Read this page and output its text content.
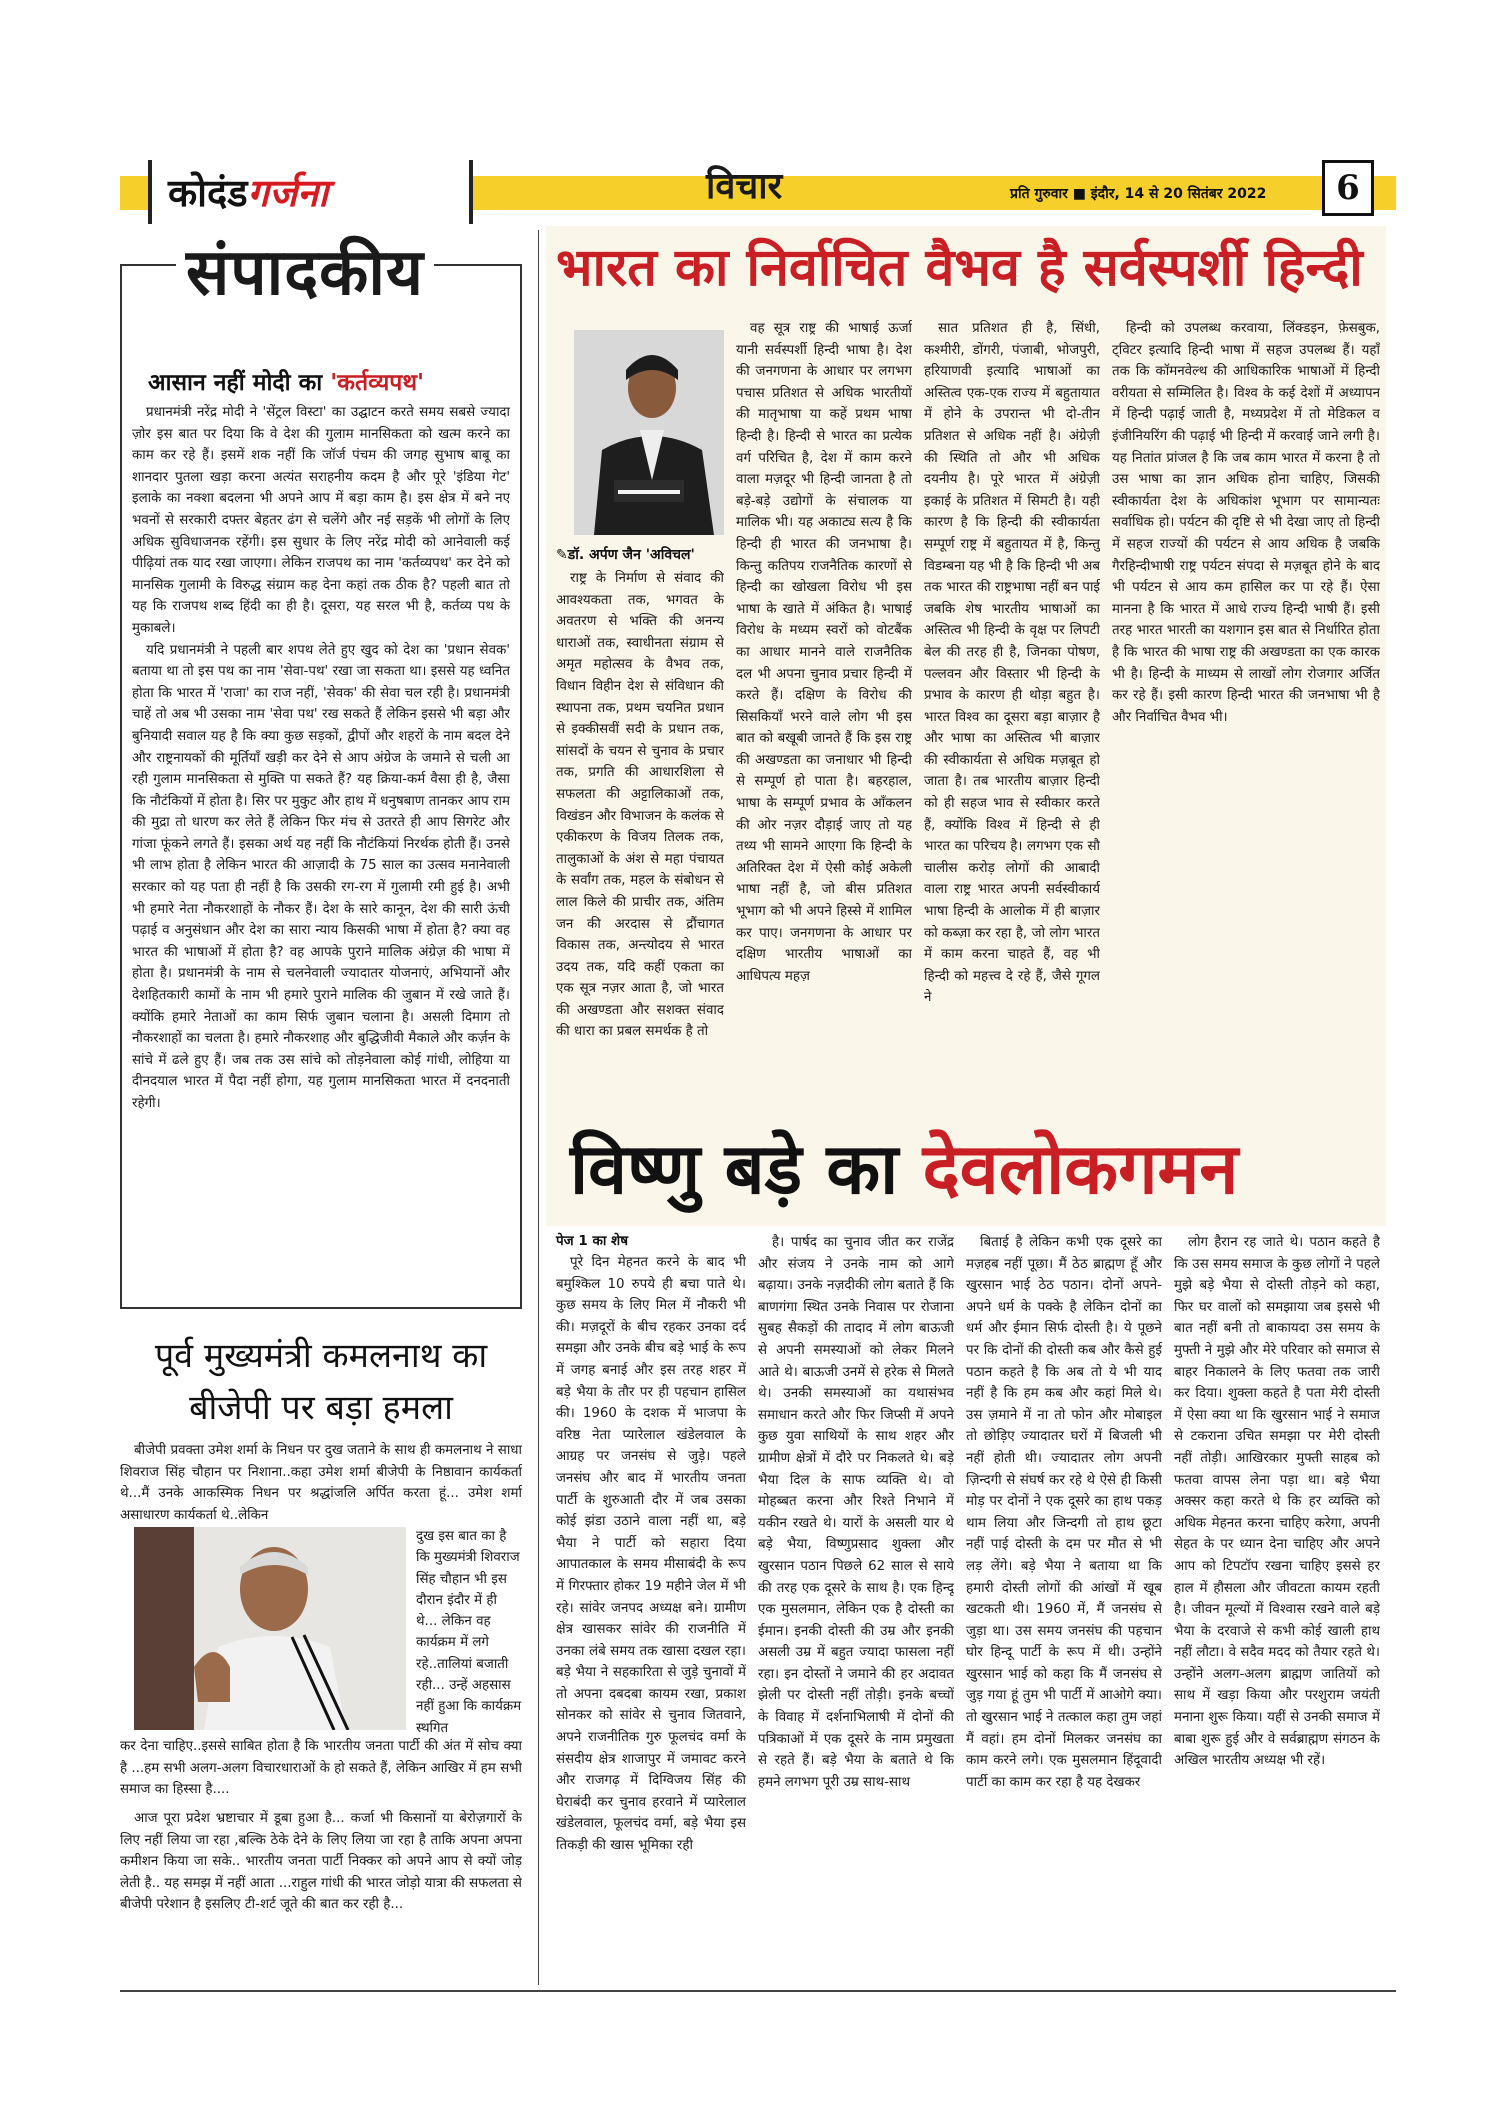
कोदंड गर्जना	विचार	प्रति गुरुवार ■ इंदौर, 14 से 20 सितंबर 2022	6
संपादकीय
आसान नहीं मोदी का 'कर्तव्यपथ'

प्रधानमंत्री नरेंद्र मोदी ने 'सेंट्रल विस्टा' का उद्घाटन करते समय सबसे ज्यादा ज़ोर इस बात पर दिया कि वे देश की गुलाम मानसिकता को खत्म करने का काम कर रहे हैं। इसमें शक नहीं कि जॉर्ज पंचम की जगह सुभाष बाबू का शानदार पुतला खड़ा करना अत्यंत सराहनीय कदम है और पूरे 'इंडिया गेट' इलाके का नक्शा बदलना भी अपने आप में बड़ा काम है। इस क्षेत्र में बने नए भवनों से सरकारी दफ्तर बेहतर ढंग से चलेंगे और नई सड़कें भी लोगों के लिए अधिक सुविधाजनक रहेंगी। इस सुधार के लिए नरेंद्र मोदी को आनेवाली कई पीढ़ियां तक याद रखा जाएगा। लेकिन राजपथ का नाम 'कर्तव्यपथ' कर देने को मानसिक गुलामी के विरुद्ध संग्राम कह देना कहां तक ठीक है? पहली बात तो यह कि राजपथ शब्द हिंदी का ही है। दूसरा, यह सरल भी है, कर्तव्य पथ के मुकाबले।

यदि प्रधानमंत्री ने पहली बार शपथ लेते हुए खुद को देश का 'प्रधान सेवक' बताया था तो इस पथ का नाम 'सेवा-पथ' रखा जा सकता था। इससे यह ध्वनित होता कि भारत में 'राजा' का राज नहीं, 'सेवक' की सेवा चल रही है। प्रधानमंत्री चाहें तो अब भी उसका नाम 'सेवा पथ' रख सकते हैं लेकिन इससे भी बड़ा और बुनियादी सवाल यह है कि क्या कुछ सड़कों, द्वीपों और शहरों के नाम बदल देने और राष्ट्रनायकों की मूर्तियाँ खड़ी कर देने से आप अंग्रेज के जमाने से चली आ रही गुलाम मानसिकता से मुक्ति पा सकते हैं? यह क्रिया-कर्म वैसा ही है, जैसा कि नौटंकियों में होता है। सिर पर मुकुट और हाथ में धनुषबाण तानकर आप राम की मुद्रा तो धारण कर लेते हैं लेकिन फिर मंच से उतरते ही आप सिगरेट और गांजा फूंकने लगते हैं। इसका अर्थ यह नहीं कि नौटंकियां निरर्थक होती हैं। उनसे भी लाभ होता है लेकिन भारत की आज़ादी के 75 साल का उत्सव मनानेवाली सरकार को यह पता ही नहीं है कि उसकी रग-रग में गुलामी रमी हुई है। अभी भी हमारे नेता नौकरशाहों के नौकर हैं। देश के सारे कानून, देश की सारी ऊंची पढ़ाई व अनुसंधान और देश का सारा न्याय किसकी भाषा में होता है? क्या वह भारत की भाषाओं में होता है? वह आपके पुराने मालिक अंग्रेज़ की भाषा में होता है। प्रधानमंत्री के नाम से चलनेवाली ज्यादातर योजनाएं, अभियानों और देशहितकारी कामों के नाम भी हमारे पुराने मालिक की जुबान में रखे जाते हैं। क्योंकि हमारे नेताओं का काम सिर्फ जुबान चलाना है। असली दिमाग तो नौकरशाहों का चलता है। हमारे नौकरशाह और बुद्धिजीवी मैकाले और कर्ज़न के सांचे में ढले हुए हैं। जब तक उस सांचे को तोड़नेवाला कोई गांधी, लोहिया या दीनदयाल भारत में पैदा नहीं होगा, यह गुलाम मानसिकता भारत में दनदनाती रहेगी।

भारत का निर्वाचित वैभव है सर्वस्पर्शी हिन्दी
✎डॉ. अर्पण जैन 'अविचल'

राष्ट्र के निर्माण से संवाद की आवश्यकता तक, भगवत के अवतरण से भक्ति की अनन्य धाराओं तक, स्वाधीनता संग्राम से अमृत महोत्सव के वैभव तक, विधान विहीन देश से संविधान की स्थापना तक, प्रथम चयनित प्रधान से इक्कीसवीं सदी के प्रधान तक, सांसदों के चयन से चुनाव के प्रचार तक, प्रगति की आधारशिला से सफलता की अट्टालिकाओं तक, विखंडन और विभाजन के कलंक से एकीकरण के विजय तिलक तक, तालुकाओं के अंश से महा पंचायत के सर्वांग तक, महल के संबोधन से लाल किले की प्राचीर तक, अंतिम जन की अरदास से द्रौंचागत विकास तक, अन्त्योदय से भारत उदय तक, यदि कहीं एकता का एक सूत्र नज़र आता है, जो भारत की अखण्डता और सशक्त संवाद की धारा का प्रबल समर्थक है तो

वह सूत्र राष्ट्र की भाषाई ऊर्जा यानी सर्वस्पर्शी हिन्दी भाषा है। देश की जनगणना के आधार पर लगभग पचास प्रतिशत से अधिक भारतीयों की मातृभाषा या कहें प्रथम भाषा हिन्दी है। हिन्दी से भारत का प्रत्येक वर्ग परिचित है, देश में काम करने वाला मज़दूर भी हिन्दी जानता है तो बड़े-बड़े उद्योगों के संचालक या मालिक भी। यह अकाट्य सत्य है कि हिन्दी ही भारत की जनभाषा है। किन्तु कतिपय राजनैतिक कारणों से हिन्दी का खोखला विरोध भी इस भाषा के खाते में अंकित है। भाषाई विरोध के मध्यम स्वरों को वोटबैंक का आधार मानने वाले राजनैतिक दल भी अपना चुनाव प्रचार हिन्दी में करते हैं। दक्षिण के विरोध की सिसकियाँ भरने वाले लोग भी इस बात को बखूबी जानते हैं कि इस राष्ट्र की अखण्डता का जनाधार भी हिन्दी से सम्पूर्ण हो पाता है। बहरहाल, भाषा के सम्पूर्ण प्रभाव के आँकलन की ओर नज़र दौड़ाई जाए तो यह तथ्य भी सामने आएगा कि हिन्दी के अतिरिक्त देश में ऐसी कोई अकेली भाषा नहीं है, जो बीस प्रतिशत भूभाग को भी अपने हिस्से में शामिल कर पाए। जनगणना के आधार पर दक्षिण भारतीय भाषाओं का आधिपत्य महज़

सात प्रतिशत ही है, सिंधी, कश्मीरी, डोंगरी, पंजाबी, भोजपुरी, हरियाणवी इत्यादि भाषाओं का अस्तित्व एक-एक राज्य में बहुतायात में होने के उपरान्त भी दो-तीन प्रतिशत से अधिक नहीं है। अंग्रेज़ी की स्थिति तो और भी अधिक दयनीय है। पूरे भारत में अंग्रेज़ी इकाई के प्रतिशत में सिमटी है। यही कारण है कि हिन्दी की स्वीकार्यता सम्पूर्ण राष्ट्र में बहुतायत में है, किन्तु विडम्बना यह भी है कि हिन्दी भी अब तक भारत की राष्ट्रभाषा नहीं बन पाई जबकि शेष भारतीय भाषाओं का अस्तित्व भी हिन्दी के वृक्ष पर लिपटी बेल की तरह ही है, जिनका पोषण, पल्लवन और विस्तार भी हिन्दी के प्रभाव के कारण ही थोड़ा बहुत है। भारत विश्व का दूसरा बड़ा बाज़ार है और भाषा का अस्तित्व भी बाज़ार की स्वीकार्यता से अधिक मज़बूत हो जाता है। तब भारतीय बाज़ार हिन्दी को ही सहज भाव से स्वीकार करते हैं, क्योंकि विश्व में हिन्दी से ही भारत का परिचय है। लगभग एक सौ चालीस करोड़ लोगों की आबादी वाला राष्ट्र भारत अपनी सर्वस्वीकार्य भाषा हिन्दी के आलोक में ही बाज़ार को कब्ज़ा कर रहा है, जो लोग भारत में काम करना चाहते हैं, वह भी हिन्दी को महत्त्व दे रहे हैं, जैसे गूगल ने

हिन्दी को उपलब्ध करवाया, लिंक्डइन, फ़ेसबुक, ट्विटर इत्यादि हिन्दी भाषा में सहज उपलब्ध हैं। यहाँ तक कि कॉमनवेल्थ की आधिकारिक भाषाओं में हिन्दी वरीयता से सम्मिलित है। विश्व के कई देशों में अध्यापन में हिन्दी पढ़ाई जाती है, मध्यप्रदेश में तो मेडिकल व इंजीनियरिंग की पढ़ाई भी हिन्दी में करवाई जाने लगी है। यह नितांत प्रांजल है कि जब काम भारत में करना है तो उस भाषा का ज्ञान अधिक होना चाहिए, जिसकी स्वीकार्यता देश के अधिकांश भूभाग पर सामान्यतः सर्वाधिक हो। पर्यटन की दृष्टि से भी देखा जाए तो हिन्दी में सहज राज्यों की पर्यटन से आय अधिक है जबकि गैरहिन्दीभाषी राष्ट्र पर्यटन संपदा से मज़बूत होने के बाद भी पर्यटन से आय कम हासिल कर पा रहे हैं। ऐसा मानना है कि भारत में आधे राज्य हिन्दी भाषी हैं। इसी तरह भारत भारती का यशगान इस बात से निर्धारित होता है कि भारत की भाषा राष्ट्र की अखण्डता का एक कारक भी है। हिन्दी के माध्यम से लाखों लोग रोजगार अर्जित कर रहे हैं। इसी कारण हिन्दी भारत की जनभाषा भी है और निर्वाचित वैभव भी।

विष्णु बड़े का देवलोकगमन
पेज 1 का शेष

पूरे दिन मेहनत करने के बाद भी बमुश्किल 10 रुपये ही बचा पाते थे। कुछ समय के लिए मिल में नौकरी भी की। मज़दूरों के बीच रहकर उनका दर्द समझा और उनके बीच बड़े भाई के रूप में जगह बनाई और इस तरह शहर में बड़े भैया के तौर पर ही पहचान हासिल की। 1960 के दशक में भाजपा के वरिष्ठ नेता प्यारेलाल खंडेलवाल के आग्रह पर जनसंघ से जुड़े। पहले जनसंघ और बाद में भारतीय जनता पार्टी के शुरुआती दौर में जब उसका कोई झंडा उठाने वाला नहीं था, बड़े भैया ने पार्टी को सहारा दिया आपातकाल के समय मीसाबंदी के रूप में गिरफ्तार होकर 19 महीने जेल में भी रहे। सांवेर जनपद अध्यक्ष बने। ग्रामीण क्षेत्र खासकर सांवेर की राजनीति में उनका लंबे समय तक खासा दखल रहा। बड़े भैया ने सहकारिता से जुड़े चुनावों में तो अपना दबदबा कायम रखा, प्रकाश सोनकर को सांवेर से चुनाव जितवाने, अपने राजनीतिक गुरु फूलचंद वर्मा के संसदीय क्षेत्र शाजापुर में जमावट करने और राजगढ़ में दिग्विजय सिंह की घेराबंदी कर चुनाव हरवाने में प्यारेलाल खंडेलवाल, फूलचंद वर्मा, बड़े भैया इस तिकड़ी की खास भूमिका रही

है। पार्षद का चुनाव जीत कर राजेंद्र और संजय ने उनके नाम को आगे बढ़ाया। उनके नज़दीकी लोग बताते हैं कि बाणगंगा स्थित उनके निवास पर रोजाना सुबह सैकड़ों की तादाद में लोग बाऊजी से अपनी समस्याओं को लेकर मिलने आते थे। बाऊजी उनमें से हरेक से मिलते थे। उनकी समस्याओं का यथासंभव समाधान करते और फिर जिप्सी में अपने कुछ युवा साथियों के साथ शहर और ग्रामीण क्षेत्रों में दौरे पर निकलते थे। बड़े भैया दिल के साफ व्यक्ति थे। वो मोहब्बत करना और रिश्ते निभाने में यकीन रखते थे। यारों के असली यार थे बड़े भैया, विष्णुप्रसाद शुक्ला और खुरसान पठान पिछले 62 साल से साये की तरह एक दूसरे के साथ है। एक हिन्दू एक मुसलमान, लेकिन एक है दोस्ती का ईमान। इनकी दोस्ती की उम्र और इनकी असली उम्र में बहुत ज्यादा फासला नहीं रहा। इन दोस्तों ने जमाने की हर अदावत झेली पर दोस्ती नहीं तोड़ी। इनके बच्चों के विवाह में दर्शनाभिलाषी में दोनों की पत्रिकाओं में एक दूसरे के नाम प्रमुखता से रहते हैं। बड़े भैया के बताते थे कि हमने लगभग पूरी उम्र साथ-साथ

बिताई है लेकिन कभी एक दूसरे का मज़हब नहीं पूछा। मैं ठेठ ब्राह्मण हूँ और खुरसान भाई ठेठ पठान। दोनों अपने-अपने धर्म के पक्के है लेकिन दोनों का धर्म और ईमान सिर्फ दोस्ती है। ये पूछने पर कि दोनों की दोस्ती कब और कैसे हुई पठान कहते है कि अब तो ये भी याद नहीं है कि हम कब और कहां मिले थे। उस ज़माने में ना तो फोन और मोबाइल तो छोड़िए ज्यादातर घरों में बिजली भी नहीं होती थी। ज्यादातर लोग अपनी ज़िन्दगी से संघर्ष कर रहे थे ऐसे ही किसी मोड़ पर दोनों ने एक दूसरे का हाथ पकड़ थाम लिया और जिन्दगी तो हाथ छूटा नहीं पाई दोस्ती के दम पर मौत से भी लड़ लेंगे। बड़े भैया ने बताया था कि हमारी दोस्ती लोगों की आंखों में खूब खटकती थी। 1960 में, मैं जनसंघ से जुड़ा था। उस समय जनसंघ की पहचान घोर हिन्दू पार्टी के रूप में थी। उन्होंने खुरसान भाई को कहा कि मैं जनसंघ से जुड़ गया हूं तुम भी पार्टी में आओगे क्या। तो खुरसान भाई ने तत्काल कहा तुम जहां मैं वहां। हम दोनों मिलकर जनसंघ का काम करने लगे। एक मुसलमान हिंदूवादी पार्टी का काम कर रहा है यह देखकर

लोग हैरान रह जाते थे। पठान कहते है कि उस समय समाज के कुछ लोगों ने पहले मुझे बड़े भैया से दोस्ती तोड़ने को कहा, फिर घर वालों को समझाया जब इससे भी बात नहीं बनी तो बाकायदा उस समय के मुफ्ती ने मुझे और मेरे परिवार को समाज से बाहर निकालने के लिए फतवा तक जारी कर दिया। शुक्ला कहते है पता मेरी दोस्ती में ऐसा क्या था कि खुरसान भाई ने समाज से टकराना उचित समझा पर मेरी दोस्ती नहीं तोड़ी। आखिरकार मुफ्ती साहब को फतवा वापस लेना पड़ा था। बड़े भैया अक्सर कहा करते थे कि हर व्यक्ति को अधिक मेहनत करना चाहिए करेगा, अपनी सेहत के पर ध्यान देना चाहिए और अपने आप को टिपटॉप रखना चाहिए इससे हर हाल में हौसला और जीवटता कायम रहती है। जीवन मूल्यों में विश्वास रखने वाले बड़े भैया के दरवाजे से कभी कोई खाली हाथ नहीं लौटा। वे सदैव मदद को तैयार रहते थे। उन्होंने अलग-अलग ब्राह्मण जातियों को साथ में खड़ा किया और परशुराम जयंती मनाना शुरू किया। यहीं से उनकी समाज में बाबा शुरू हुई और वे सर्वब्राह्मण संगठन के अखिल भारतीय अध्यक्ष भी रहें।

पूर्व मुख्यमंत्री कमलनाथ का बीजेपी पर बड़ा हमला

बीजेपी प्रवक्ता उमेश शर्मा के निधन पर दुख जताने के साथ ही कमलनाथ ने साधा शिवराज सिंह चौहान पर निशाना..कहा उमेश शर्मा बीजेपी के निष्ठावान कार्यकर्ता थे...मैं उनके आकस्मिक निधन पर श्रद्धांजलि अर्पित करता हूं... उमेश शर्मा असाधारण कार्यकर्ता थे..लेकिन

दुख इस बात का है कि मुख्यमंत्री शिवराज सिंह चौहान भी इस दौरान इंदौर में ही थे... लेकिन वह कार्यक्रम में लगे रहे..तालियां बजाती रही... उन्हें अहसास नहीं हुआ कि कार्यक्रम स्थगित

कर देना चाहिए..इससे साबित होता है कि भारतीय जनता पार्टी की अंत में सोच क्या है ...हम सभी अलग-अलग विचारधाराओं के हो सकते हैं, लेकिन आखिर में हम सभी समाज का हिस्सा है....

आज पूरा प्रदेश भ्रष्टाचार में डूबा हुआ है... कर्जा भी किसानों या बेरोज़गारों के लिए नहीं लिया जा रहा ,बल्कि ठेके देने के लिए लिया जा रहा है ताकि अपना अपना कमीशन किया जा सके.. भारतीय जनता पार्टी निक्कर को अपने आप से क्यों जोड़ लेती है.. यह समझ में नहीं आता ...राहुल गांधी की भारत जोड़ो यात्रा की सफलता से बीजेपी परेशान है इसलिए टी-शर्ट जूते की बात कर रही है...
